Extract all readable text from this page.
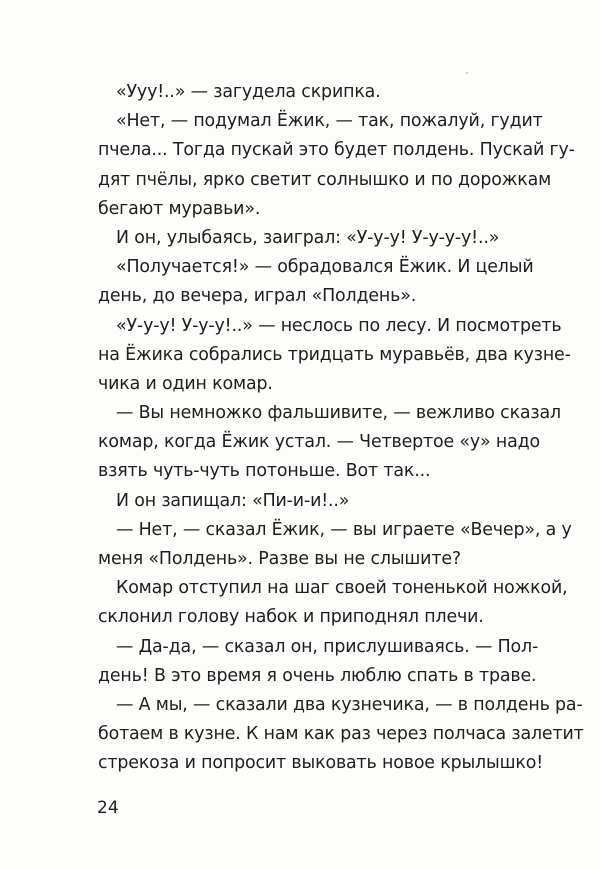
«Ууу!..» — загудела скрипка.
«Нет, — подумал Ёжик, — так, пожалуй, гудит
пчела... Тогда пускай это будет полдень. Пускай гу-
дят пчёлы, ярко светит солнышко и по дорожкам
бегают муравьи».
И он, улыбаясь, заиграл: «У-у-у! У-у-у-у!..»
«Получается!» — обрадовался Ёжик. И целый
день, до вечера, играл «Полдень».
«У-у-у! У-у-у!..» — неслось по лесу. И посмотреть
на Ёжика собрались тридцать муравьёв, два кузне-
чика и один комар.
— Вы немножко фальшивите, — вежливо сказал
комар, когда Ёжик устал. — Четвертое «у» надо
взять чуть-чуть потоньше. Вот так...
И он запищал: «Пи-и-и!..»
— Нет, — сказал Ёжик, — вы играете «Вечер», а у
меня «Полдень». Разве вы не слышите?
Комар отступил на шаг своей тоненькой ножкой,
склонил голову набок и приподнял плечи.
— Да-да, — сказал он, прислушиваясь. — Пол-
день! В это время я очень люблю спать в траве.
— А мы, — сказали два кузнечика, — в полдень ра-
ботаем в кузне. К нам как раз через полчаса залетит
стрекоза и попросит выковать новое крылышко!
24
